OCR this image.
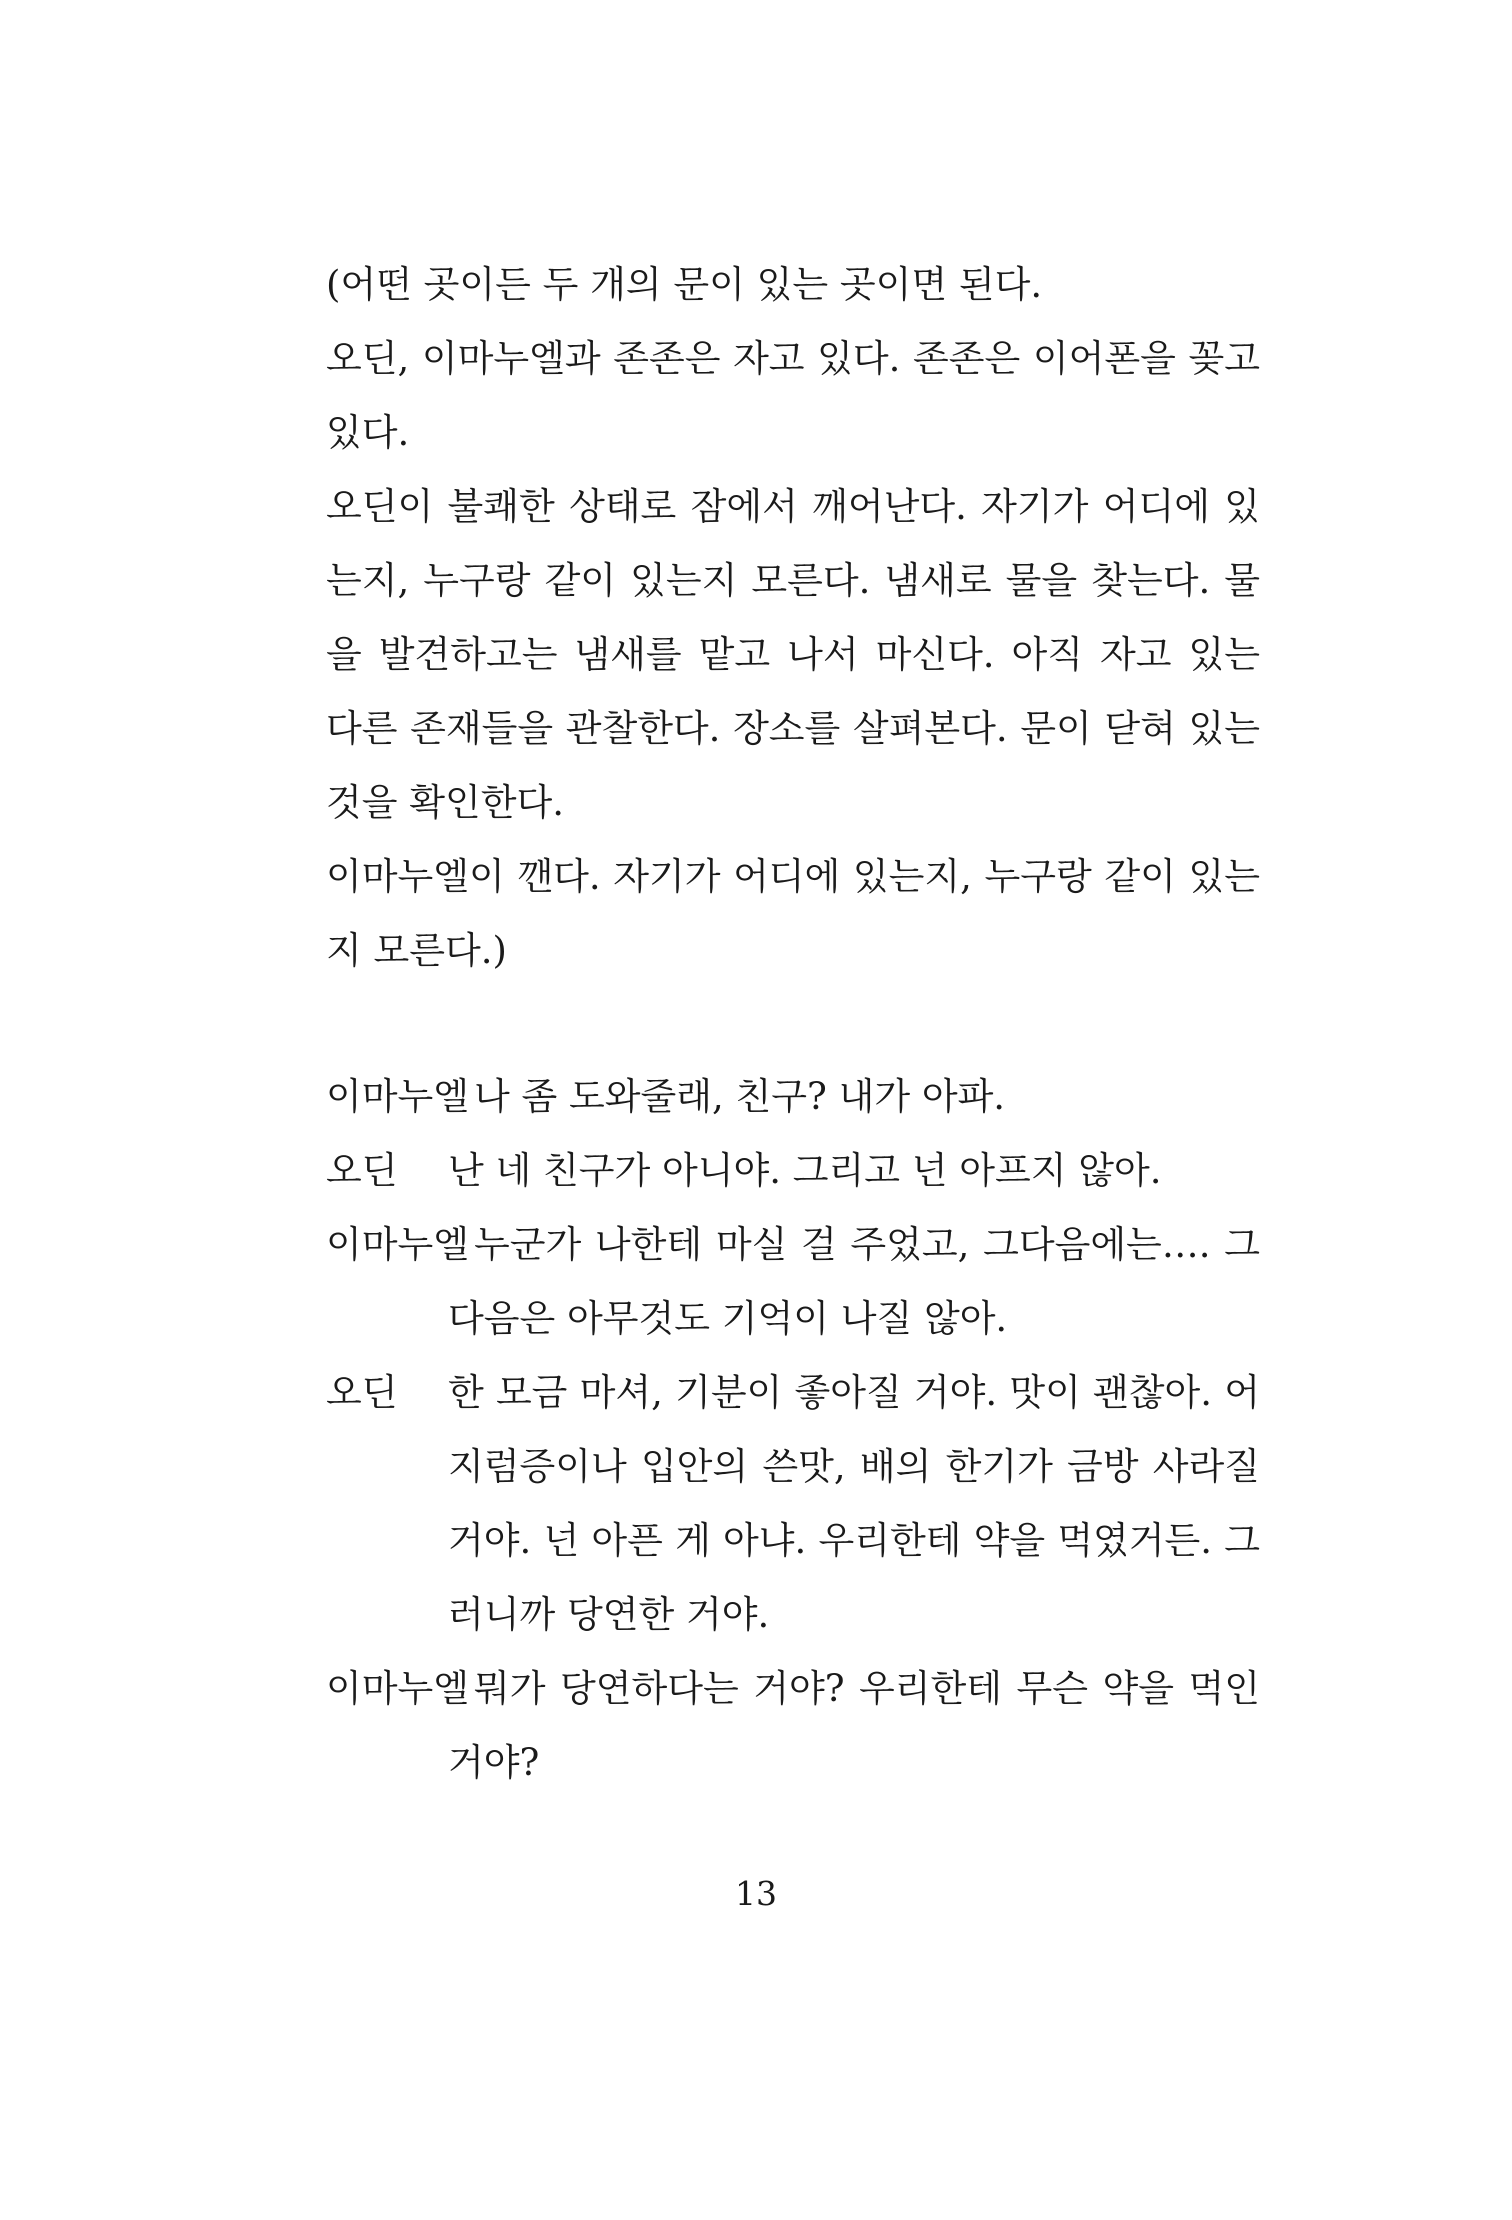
(어떤 곳이든 두 개의 문이 있는 곳이면 된다.

오딘, 이마누엘과 존존은 자고 있다. 존존은 이어폰을 꽂고 있다.

오딘이 불쾌한 상태로 잠에서 깨어난다. 자기가 어디에 있는지, 누구랑 같이 있는지 모른다. 냄새로 물을 찾는다. 물을 발견하고는 냄새를 맡고 나서 마신다. 아직 자고 있는 다른 존재들을 관찰한다. 장소를 살펴본다. 문이 닫혀 있는 것을 확인한다.

이마누엘이 깬다. 자기가 어디에 있는지, 누구랑 같이 있는지 모른다.)

이마누엘 나 좀 도와줄래, 친구? 내가 아파.
오딘 난 네 친구가 아니야. 그리고 넌 아프지 않아.
이마누엘 누군가 나한테 마실 걸 주었고, 그다음에는…. 그다음은 아무것도 기억이 나질 않아.
오딘 한 모금 마셔, 기분이 좋아질 거야. 맛이 괜찮아. 어지럼증이나 입안의 쓴맛, 배의 한기가 금방 사라질 거야. 넌 아픈 게 아냐. 우리한테 약을 먹였거든. 그러니까 당연한 거야.
이마누엘 뭐가 당연하다는 거야? 우리한테 무슨 약을 먹인 거야?
13
